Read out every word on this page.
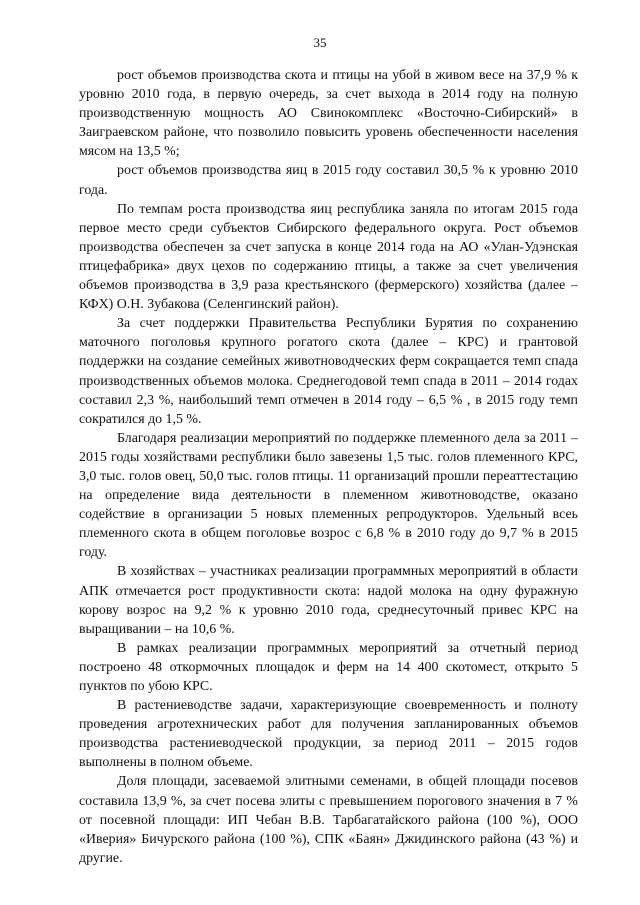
35

рост объемов производства скота и птицы на убой в живом весе на 37,9 % к уровню 2010 года, в первую очередь, за счет выхода в 2014 году на полную производственную мощность АО Свинокомплекс «Восточно-Сибирский» в Заиграевском районе, что позволило повысить уровень обеспеченности населения мясом на 13,5 %;

рост объемов производства яиц в 2015 году составил 30,5 % к уровню 2010 года.

По темпам роста производства яиц республика заняла по итогам 2015 года первое место среди субъектов Сибирского федерального округа. Рост объемов производства обеспечен за счет запуска в конце 2014 года на АО «Улан-Удэнская птицефабрика» двух цехов по содержанию птицы, а также за счет увеличения объемов производства в 3,9 раза крестьянского (фермерского) хозяйства (далее – КФХ) О.Н. Зубакова (Селенгинский район).

За счет поддержки Правительства Республики Бурятия по сохранению маточного поголовья крупного рогатого скота (далее – КРС) и грантовой поддержки на создание семейных животноводческих ферм сокращается темп спада производственных объемов молока. Среднегодовой темп спада в 2011 – 2014 годах составил 2,3 %, наибольший темп отмечен в 2014 году – 6,5 % , в 2015 году темп сократился до 1,5 %.

Благодаря реализации мероприятий по поддержке племенного дела за 2011 – 2015 годы хозяйствами республики было завезены 1,5 тыс. голов племенного КРС, 3,0 тыс. голов овец, 50,0 тыс. голов птицы. 11 организаций прошли переаттестацию на определение вида деятельности в племенном животноводстве, оказано содействие в организации 5 новых племенных репродукторов. Удельный всеь племенного скота в общем поголовье возрос с 6,8 % в 2010 году до 9,7 % в 2015 году.

В хозяйствах – участниках реализации программных мероприятий в области АПК отмечается рост продуктивности скота: надой молока на одну фуражную корову возрос на 9,2 % к уровню 2010 года, среднесуточный привес КРС на выращивании – на 10,6 %.

В рамках реализации программных мероприятий за отчетный период построено 48 откормочных площадок и ферм на 14 400 скотомест, открыто 5 пунктов по убою КРС.

В растениеводстве задачи, характеризующие своевременность и полноту проведения агротехнических работ для получения запланированных объемов производства растениеводческой продукции, за период 2011 – 2015 годов выполнены в полном объеме.

Доля площади, засеваемой элитными семенами, в общей площади посевов составила 13,9 %, за счет посева элиты с превышением порогового значения в 7 % от посевной площади: ИП Чебан В.В. Тарбагатайского района (100 %), ООО «Иверия» Бичурского района (100 %), СПК «Баян» Джидинского района (43 %) и другие.
